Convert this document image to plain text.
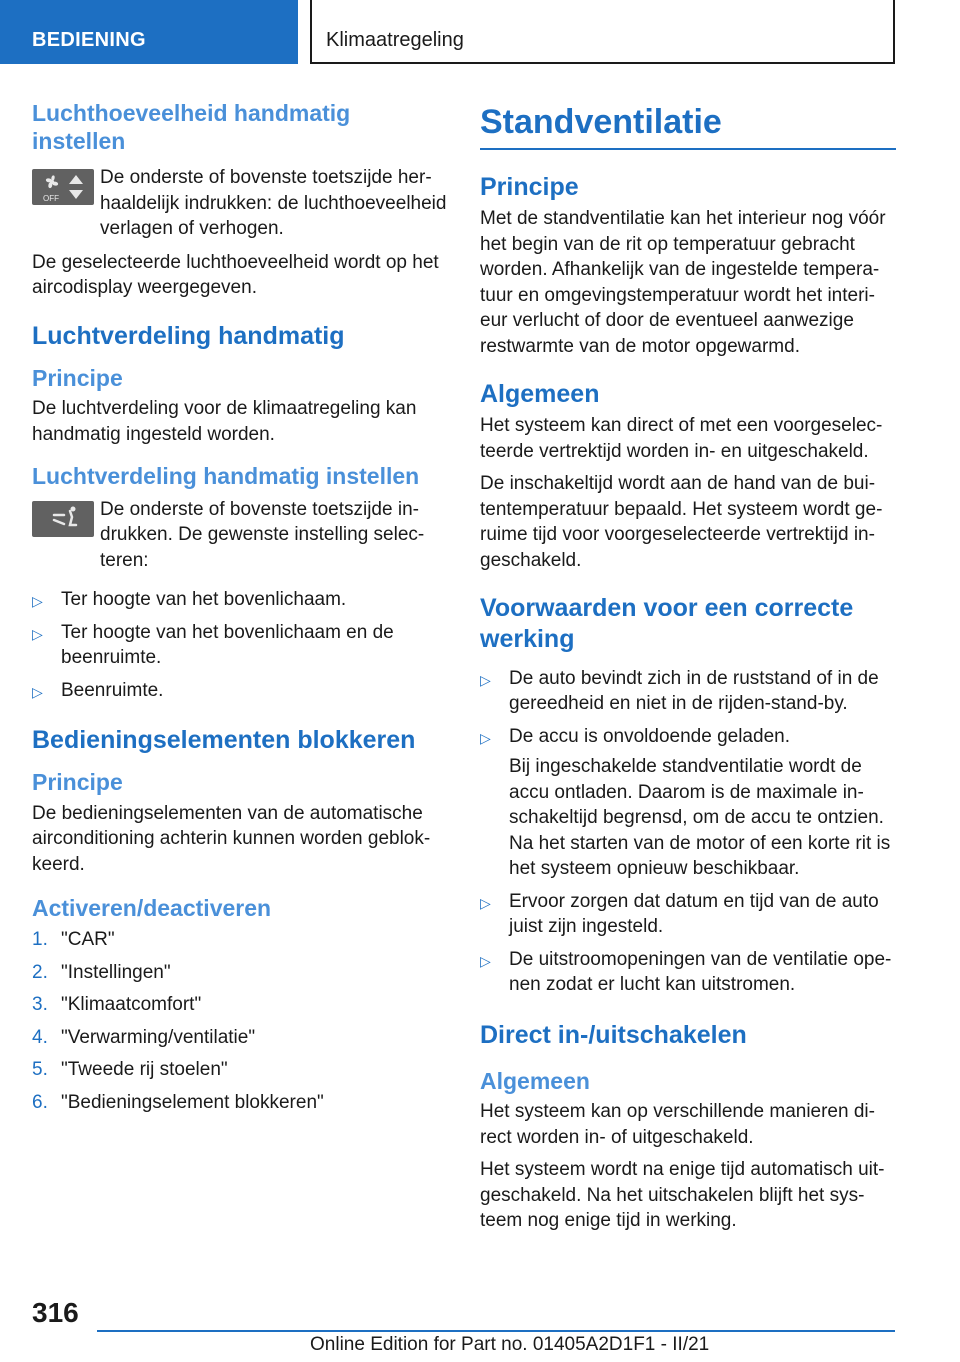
BEDIENING	Klimaatregeling
Luchthoeveelheid handmatig instellen
OFF

De onderste of bovenste toetszijde herhaaldelijk indrukken: de luchthoeveelheid verlagen of verhogen.

De geselecteerde luchthoeveelheid wordt op het aircodisplay weergegeven.

Luchtverdeling handmatig
Principe

De luchtverdeling voor de klimaatregeling kan handmatig ingesteld worden.

Luchtverdeling handmatig instellen

De onderste of bovenste toetszijde indrukken. De gewenste instelling selecteren:

▷ Ter hoogte van het bovenlichaam.
▷ Ter hoogte van het bovenlichaam en de beenruimte.
▷ Beenruimte.
Bedieningselementen blokkeren
Principe

De bedieningselementen van de automatische airconditioning achterin kunnen worden geblokkeerd.

Activeren/deactiveren
1. "CAR"
2. "Instellingen"
3. "Klimaatcomfort"
4. "Verwarming/ventilatie"
5. "Tweede rij stoelen"
6. "Bedieningselement blokkeren"
Standventilatie
Principe

Met de standventilatie kan het interieur nog vóór het begin van de rit op temperatuur gebracht worden. Afhankelijk van de ingestelde temperatuur en omgevingstemperatuur wordt het interieur verlucht of door de eventueel aanwezige restwarmte van de motor opgewarmd.

Algemeen

Het systeem kan direct of met een voorgeselecteerde vertrektijd worden in- en uitgeschakeld.

De inschakeltijd wordt aan de hand van de buitentemperatuur bepaald. Het systeem wordt geruime tijd voor voorgeselecteerde vertrektijd ingeschakeld.

Voorwaarden voor een correcte werking
▷ De auto bevindt zich in de ruststand of in de gereedheid en niet in de rijden-stand-by.
▷ De accu is onvoldoende geladen.
Bij ingeschakelde standventilatie wordt de accu ontladen. Daarom is de maximale inschakeltijd begrensd, om de accu te ontzien. Na het starten van de motor of een korte rit is het systeem opnieuw beschikbaar.
▷ Ervoor zorgen dat datum en tijd van de auto juist zijn ingesteld.
▷ De uitstroomopeningen van de ventilatie openen zodat er lucht kan uitstromen.
Direct in-/uitschakelen
Algemeen

Het systeem kan op verschillende manieren direct worden in- of uitgeschakeld.

Het systeem wordt na enige tijd automatisch uitgeschakeld. Na het uitschakelen blijft het systeem nog enige tijd in werking.

316
Online Edition for Part no. 01405A2D1F1 - II/21
